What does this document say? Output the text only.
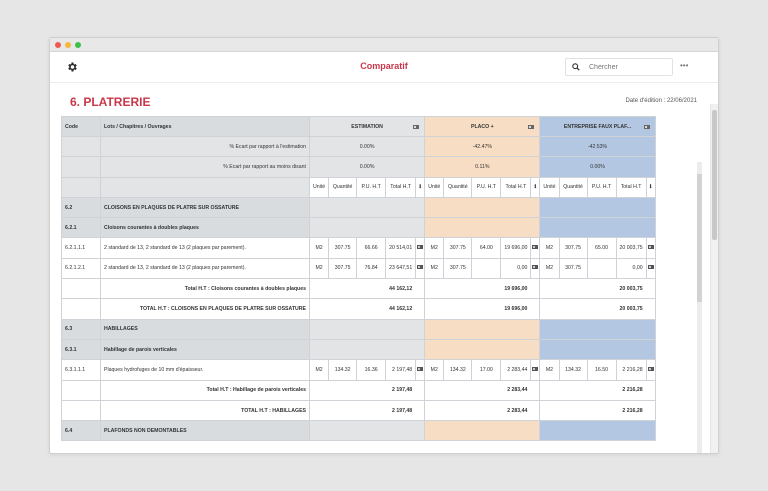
Comparatif
Chercher	•••
6. PLATRERIE	Date d'édition : 22/06/2021
Code	Lots / Chapitres / Ouvrages	ESTIMATION					PLACO +					ENTREPRISE FAUX PLAF...				

	% Ecart par rapport à l'estimation	0.00%					-42.47%					-42.53%				
	% Ecart par rapport au moins disant	0.00%					0.11%					0.00%				
		Unité	Quantité	P.U. H.T	Total H.T	ℹ	Unité	Quantité	P.U. H.T	Total H.T	ℹ	Unité	Quantité	P.U. H.T	Total H.T	ℹ
6.2	CLOISONS EN PLAQUES DE PLATRE SUR OSSATURE															
6.2.1	Cloisons courantes à doubles plaques															
6.2.1.1.1	2 standard de 13, 2 standard de 13 (2 plaques par parement).	M2	307.75	66.66	20 514,01		M2	307.75	64.00	19 696,00		M2	307.75	65.00	20 003,75	
6.2.1.2.1	2 standard de 13, 2 standard de 13 (2 plaques par parement).	M2	307.75	76.84	23 647,51		M2	307.75		0,00		M2	307.75		0,00	
	Total H.T : Cloisons courantes à doubles plaques	44 162,12					19 696,00					20 003,75				
	TOTAL H.T : CLOISONS EN PLAQUES DE PLATRE SUR OSSATURE	44 162,12					19 696,00					20 003,75				
6.3	HABILLAGES															
6.3.1	Habillage de parois verticales															
6.3.1.1.1	Plaques hydrofuges de 10 mm d'épaisseur.	M2	134.32	16.36	2 197,48		M2	134.32	17.00	2 283,44		M2	134.32	16.50	2 216,28	
	Total H.T : Habillage de parois verticales	2 197,48					2 283,44					2 216,28				
	TOTAL H.T : HABILLAGES	2 197,48					2 283,44					2 216,28				
6.4	PLAFONDS NON DEMONTABLES															
